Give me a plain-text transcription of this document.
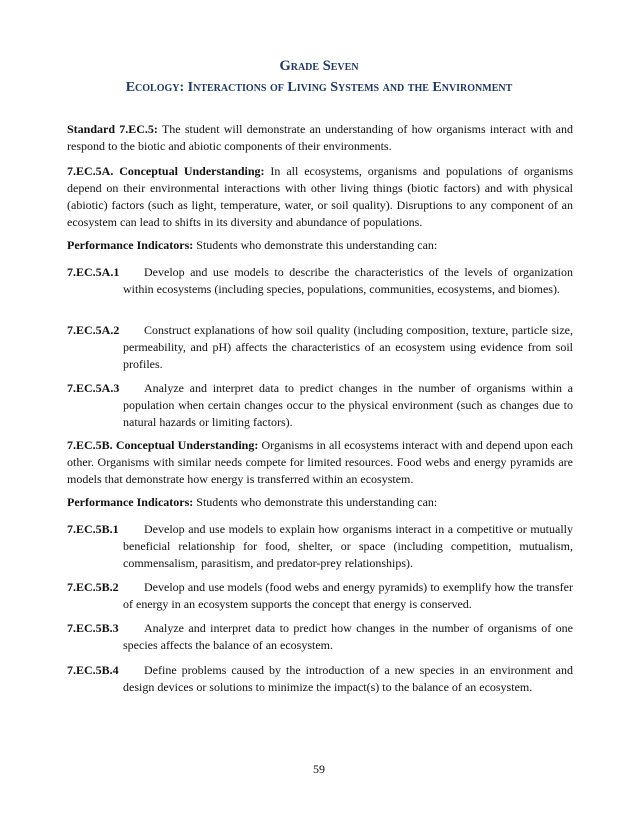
Grade Seven
Ecology: Interactions of Living Systems and the Environment
Standard 7.EC.5: The student will demonstrate an understanding of how organisms interact with and respond to the biotic and abiotic components of their environments.
7.EC.5A. Conceptual Understanding: In all ecosystems, organisms and populations of organisms depend on their environmental interactions with other living things (biotic factors) and with physical (abiotic) factors (such as light, temperature, water, or soil quality). Disruptions to any component of an ecosystem can lead to shifts in its diversity and abundance of populations.
Performance Indicators: Students who demonstrate this understanding can:
7.EC.5A.1	Develop and use models to describe the characteristics of the levels of organization within ecosystems (including species, populations, communities, ecosystems, and biomes).
7.EC.5A.2	Construct explanations of how soil quality (including composition, texture, particle size, permeability, and pH) affects the characteristics of an ecosystem using evidence from soil profiles.
7.EC.5A.3	Analyze and interpret data to predict changes in the number of organisms within a population when certain changes occur to the physical environment (such as changes due to natural hazards or limiting factors).
7.EC.5B. Conceptual Understanding: Organisms in all ecosystems interact with and depend upon each other. Organisms with similar needs compete for limited resources. Food webs and energy pyramids are models that demonstrate how energy is transferred within an ecosystem.
Performance Indicators: Students who demonstrate this understanding can:
7.EC.5B.1	Develop and use models to explain how organisms interact in a competitive or mutually beneficial relationship for food, shelter, or space (including competition, mutualism, commensalism, parasitism, and predator-prey relationships).
7.EC.5B.2	Develop and use models (food webs and energy pyramids) to exemplify how the transfer of energy in an ecosystem supports the concept that energy is conserved.
7.EC.5B.3	Analyze and interpret data to predict how changes in the number of organisms of one species affects the balance of an ecosystem.
7.EC.5B.4	Define problems caused by the introduction of a new species in an environment and design devices or solutions to minimize the impact(s) to the balance of an ecosystem.
59
